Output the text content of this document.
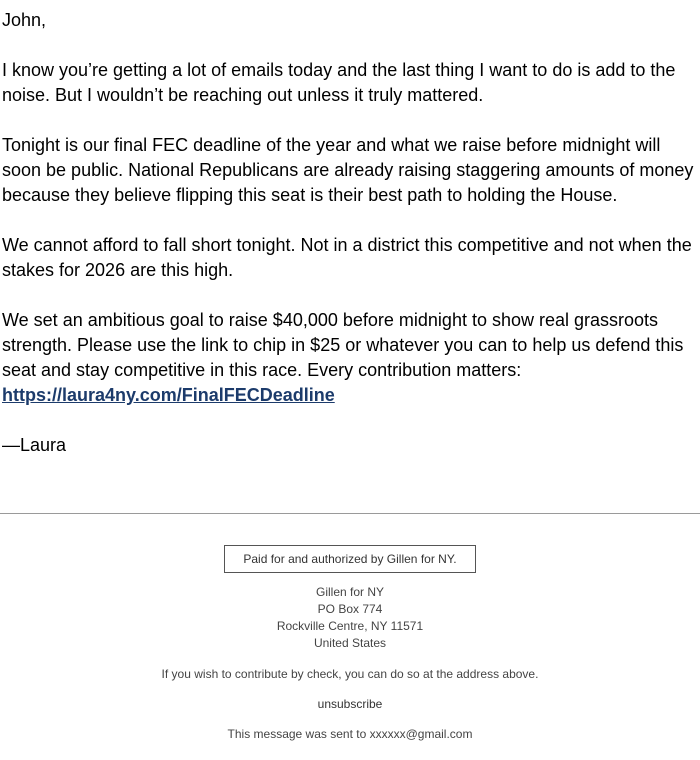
John,

I know you’re getting a lot of emails today and the last thing I want to do is add to the noise. But I wouldn’t be reaching out unless it truly mattered.

Tonight is our final FEC deadline of the year and what we raise before midnight will soon be public. National Republicans are already raising staggering amounts of money because they believe flipping this seat is their best path to holding the House.

We cannot afford to fall short tonight. Not in a district this competitive and not when the stakes for 2026 are this high.

We set an ambitious goal to raise $40,000 before midnight to show real grassroots strength. Please use the link to chip in $25 or whatever you can to help us defend this seat and stay competitive in this race. Every contribution matters:
https://laura4ny.com/FinalFECDeadline

—Laura

Paid for and authorized by Gillen for NY.
Gillen for NY
PO Box 774
Rockville Centre, NY 11571
United States
If you wish to contribute by check, you can do so at the address above.
unsubscribe
This message was sent to xxxxxx@gmail.com
